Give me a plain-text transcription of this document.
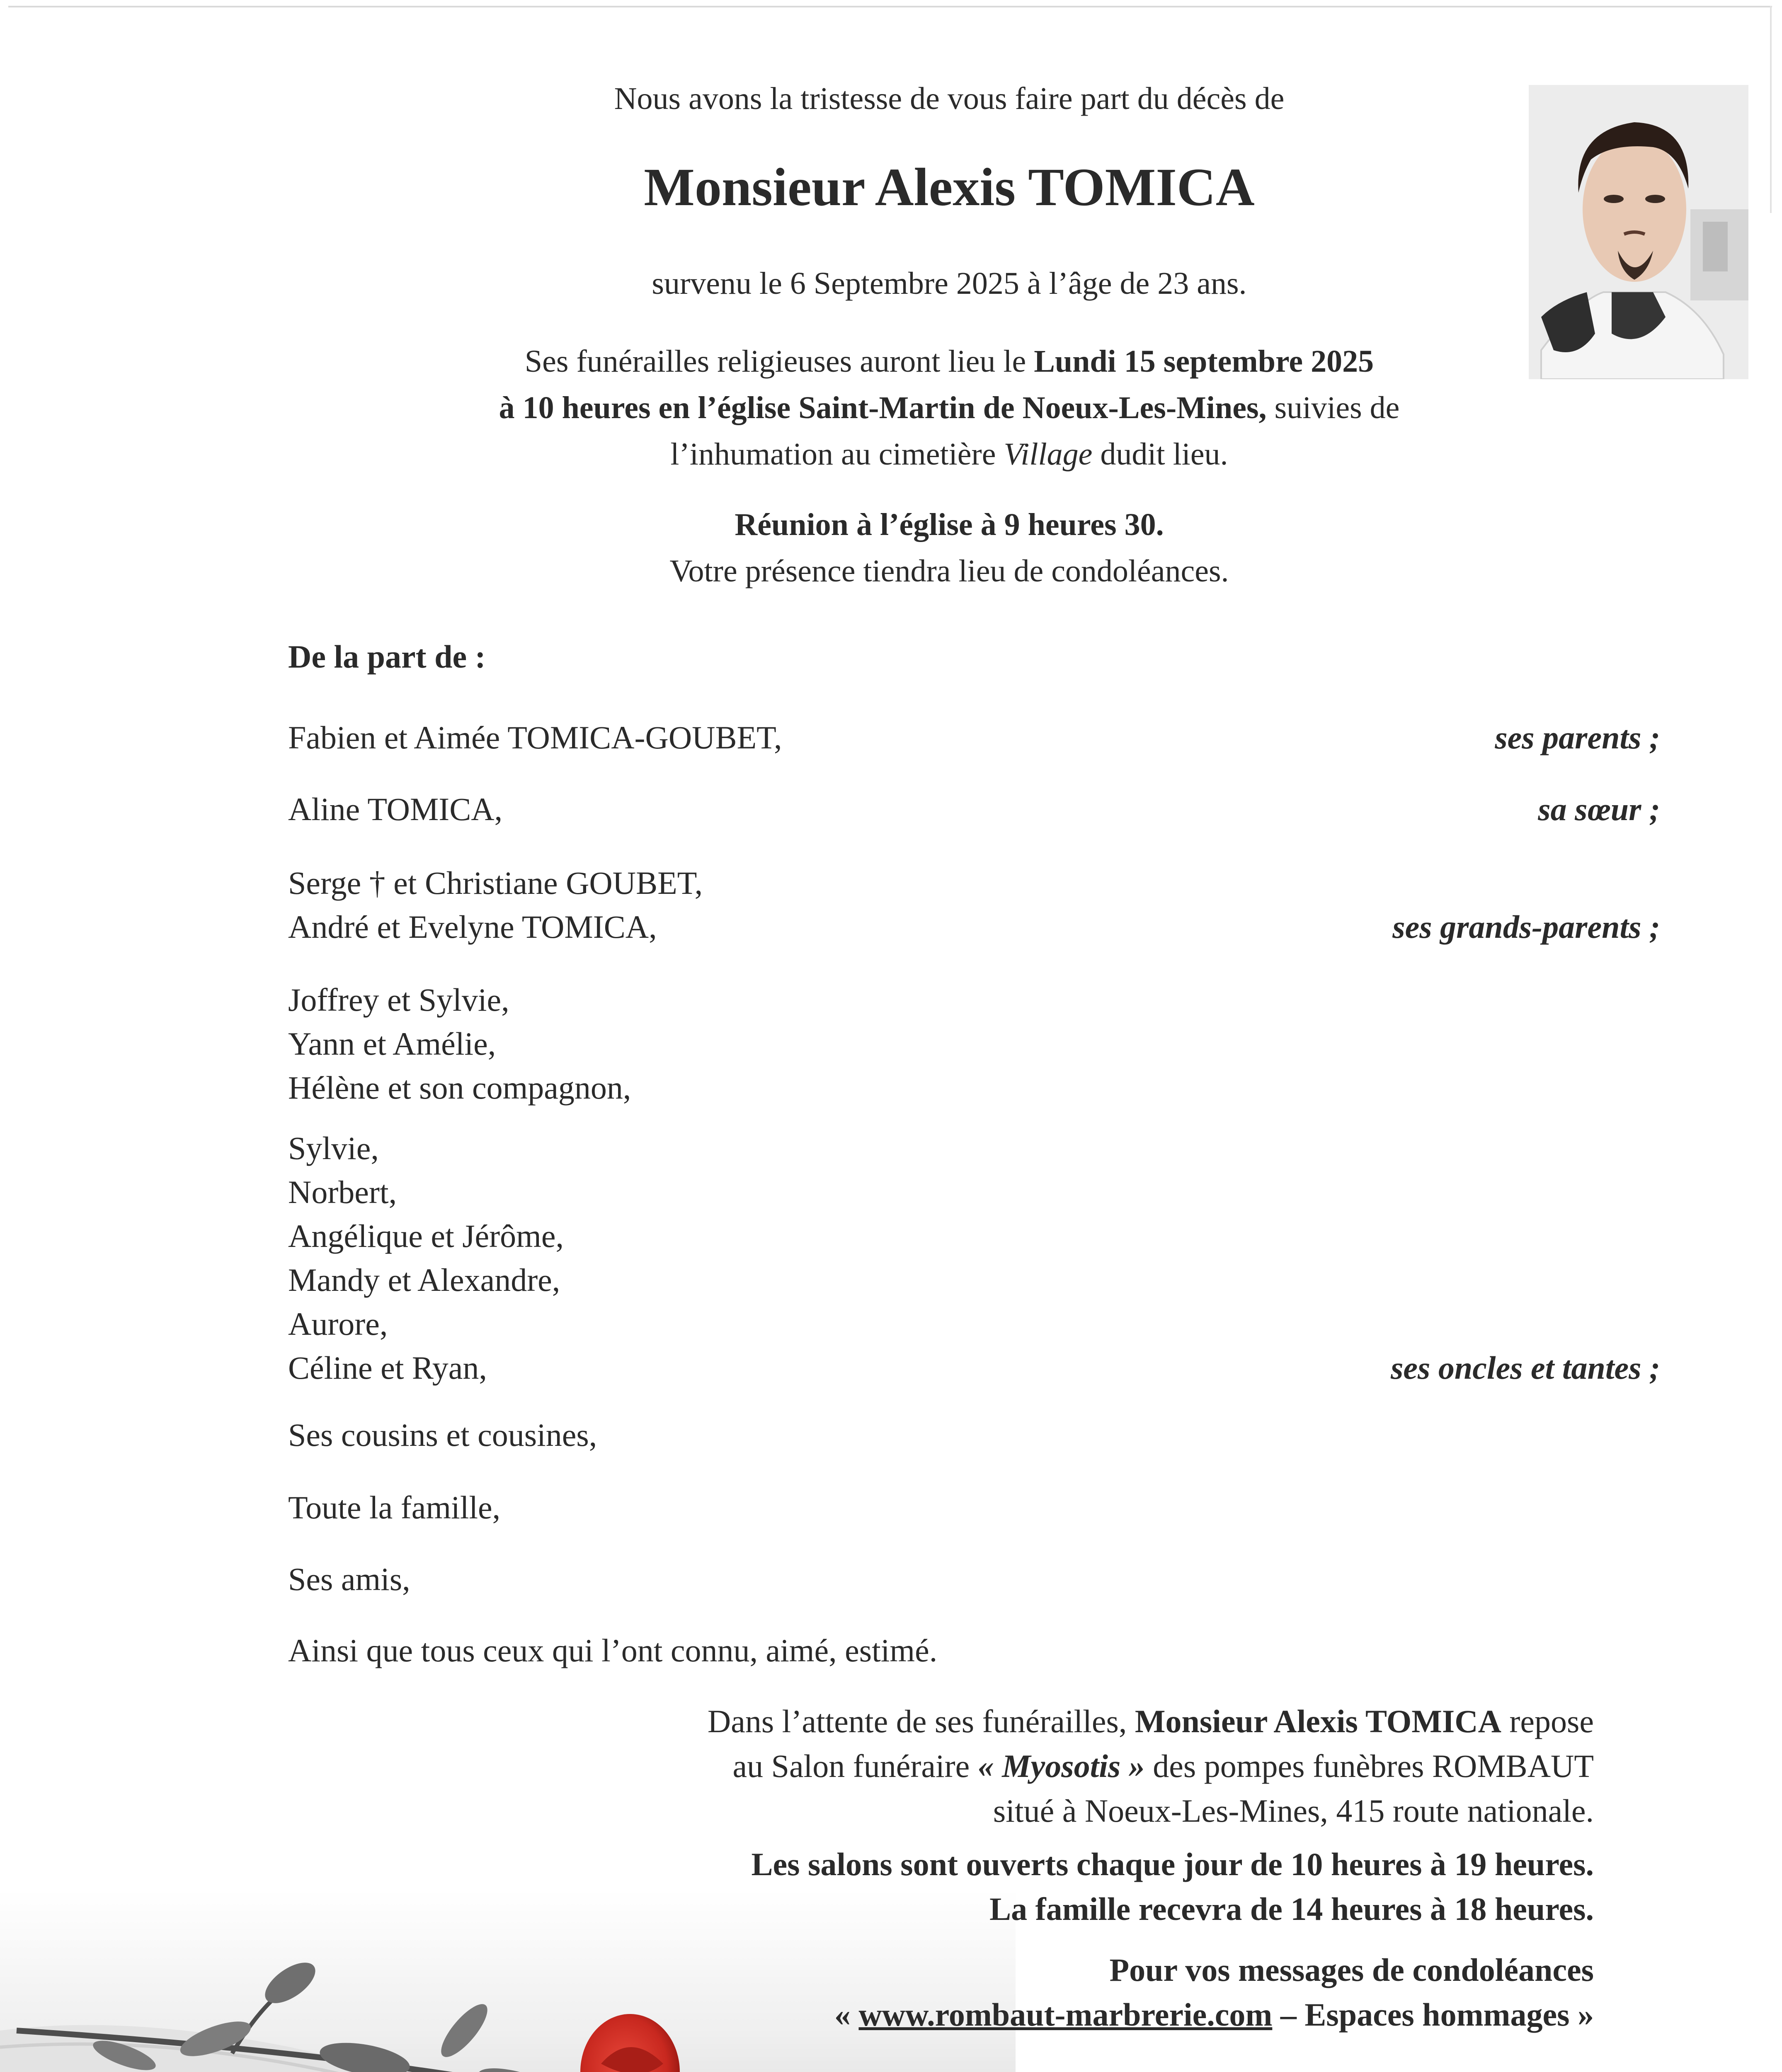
Nous avons la tristesse de vous faire part du décès de
Monsieur Alexis TOMICA
survenu le 6 Septembre 2025 à l’âge de 23 ans.
Ses funérailles religieuses auront lieu le Lundi 15 septembre 2025
à 10 heures en l’église Saint-Martin de Noeux-Les-Mines, suivies de
l’inhumation au cimetière Village dudit lieu.
Réunion à l’église à 9 heures 30.
Votre présence tiendra lieu de condoléances.
De la part de :
Fabien et Aimée TOMICA-GOUBET,	ses parents ;
Aline TOMICA,	sa sœur ;
Serge † et Christiane GOUBET,
André et Evelyne TOMICA,	ses grands-parents ;
Joffrey et Sylvie,
Yann et Amélie,
Hélène et son compagnon,
Sylvie,
Norbert,
Angélique et Jérôme,
Mandy et Alexandre,
Aurore,
Céline et Ryan,	ses oncles et tantes ;
Ses cousins et cousines,
Toute la famille,
Ses amis,
Ainsi que tous ceux qui l’ont connu, aimé, estimé.
Dans l’attente de ses funérailles, Monsieur Alexis TOMICA repose
au Salon funéraire « Myosotis » des pompes funèbres ROMBAUT
situé à Noeux-Les-Mines, 415 route nationale.
Les salons sont ouverts chaque jour de 10 heures à 19 heures.
La famille recevra de 14 heures à 18 heures.
Pour vos messages de condoléances
« www.rombaut-marbrerie.com – Espaces hommages »
